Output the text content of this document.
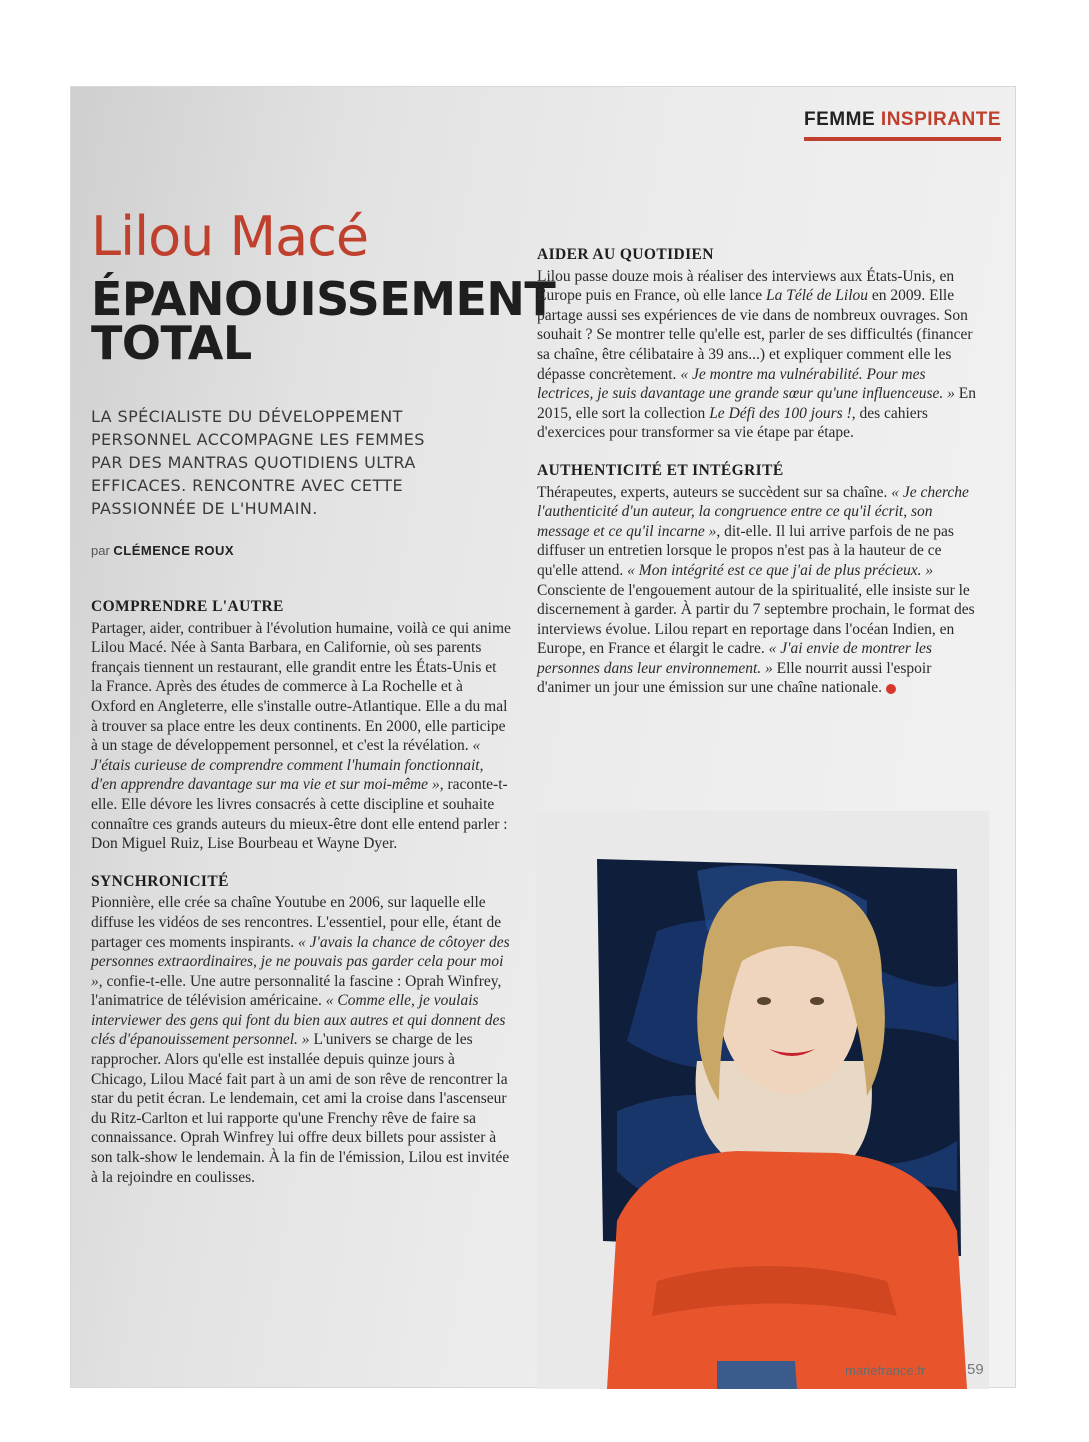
FEMME INSPIRANTE
Lilou Macé
ÉPANOUISSEMENT TOTAL
LA SPÉCIALISTE DU DÉVELOPPEMENT PERSONNEL ACCOMPAGNE LES FEMMES PAR DES MANTRAS QUOTIDIENS ULTRA EFFICACES. RENCONTRE AVEC CETTE PASSIONNÉE DE L'HUMAIN.
par CLÉMENCE ROUX
COMPRENDRE L'AUTRE

Partager, aider, contribuer à l'évolution humaine, voilà ce qui anime Lilou Macé. Née à Santa Barbara, en Californie, où ses parents français tiennent un restaurant, elle grandit entre les États-Unis et la France. Après des études de commerce à La Rochelle et à Oxford en Angleterre, elle s'installe outre-Atlantique. Elle a du mal à trouver sa place entre les deux continents. En 2000, elle participe à un stage de développement personnel, et c'est la révélation. « J'étais curieuse de comprendre comment l'humain fonctionnait, d'en apprendre davantage sur ma vie et sur moi-même », raconte-t-elle. Elle dévore les livres consacrés à cette discipline et souhaite connaître ces grands auteurs du mieux-être dont elle entend parler : Don Miguel Ruiz, Lise Bourbeau et Wayne Dyer.

SYNCHRONICITÉ

Pionnière, elle crée sa chaîne Youtube en 2006, sur laquelle elle diffuse les vidéos de ses rencontres. L'essentiel, pour elle, étant de partager ces moments inspirants. « J'avais la chance de côtoyer des personnes extraordinaires, je ne pouvais pas garder cela pour moi », confie-t-elle. Une autre personnalité la fascine : Oprah Winfrey, l'animatrice de télévision américaine. « Comme elle, je voulais interviewer des gens qui font du bien aux autres et qui donnent des clés d'épanouissement personnel. » L'univers se charge de les rapprocher. Alors qu'elle est installée depuis quinze jours à Chicago, Lilou Macé fait part à un ami de son rêve de rencontrer la star du petit écran. Le lendemain, cet ami la croise dans l'ascenseur du Ritz-Carlton et lui rapporte qu'une Frenchy rêve de faire sa connaissance. Oprah Winfrey lui offre deux billets pour assister à son talk-show le lendemain. À la fin de l'émission, Lilou est invitée à la rejoindre en coulisses.

AIDER AU QUOTIDIEN

Lilou passe douze mois à réaliser des interviews aux États-Unis, en Europe puis en France, où elle lance La Télé de Lilou en 2009. Elle partage aussi ses expériences de vie dans de nombreux ouvrages. Son souhait ? Se montrer telle qu'elle est, parler de ses difficultés (financer sa chaîne, être célibataire à 39 ans...) et expliquer comment elle les dépasse concrètement. « Je montre ma vulnérabilité. Pour mes lectrices, je suis davantage une grande sœur qu'une influenceuse. » En 2015, elle sort la collection Le Défi des 100 jours !, des cahiers d'exercices pour transformer sa vie étape par étape.

AUTHENTICITÉ ET INTÉGRITÉ

Thérapeutes, experts, auteurs se succèdent sur sa chaîne. « Je cherche l'authenticité d'un auteur, la congruence entre ce qu'il écrit, son message et ce qu'il incarne », dit-elle. Il lui arrive parfois de ne pas diffuser un entretien lorsque le propos n'est pas à la hauteur de ce qu'elle attend. « Mon intégrité est ce que j'ai de plus précieux. » Consciente de l'engouement autour de la spiritualité, elle insiste sur le discernement à garder. À partir du 7 septembre prochain, le format des interviews évolue. Lilou repart en reportage dans l'océan Indien, en Europe, en France et élargit le cadre. « J'ai envie de montrer les personnes dans leur environnement. » Elle nourrit aussi l'espoir d'animer un jour une émission sur une chaîne nationale.

mariefrance.fr	59
